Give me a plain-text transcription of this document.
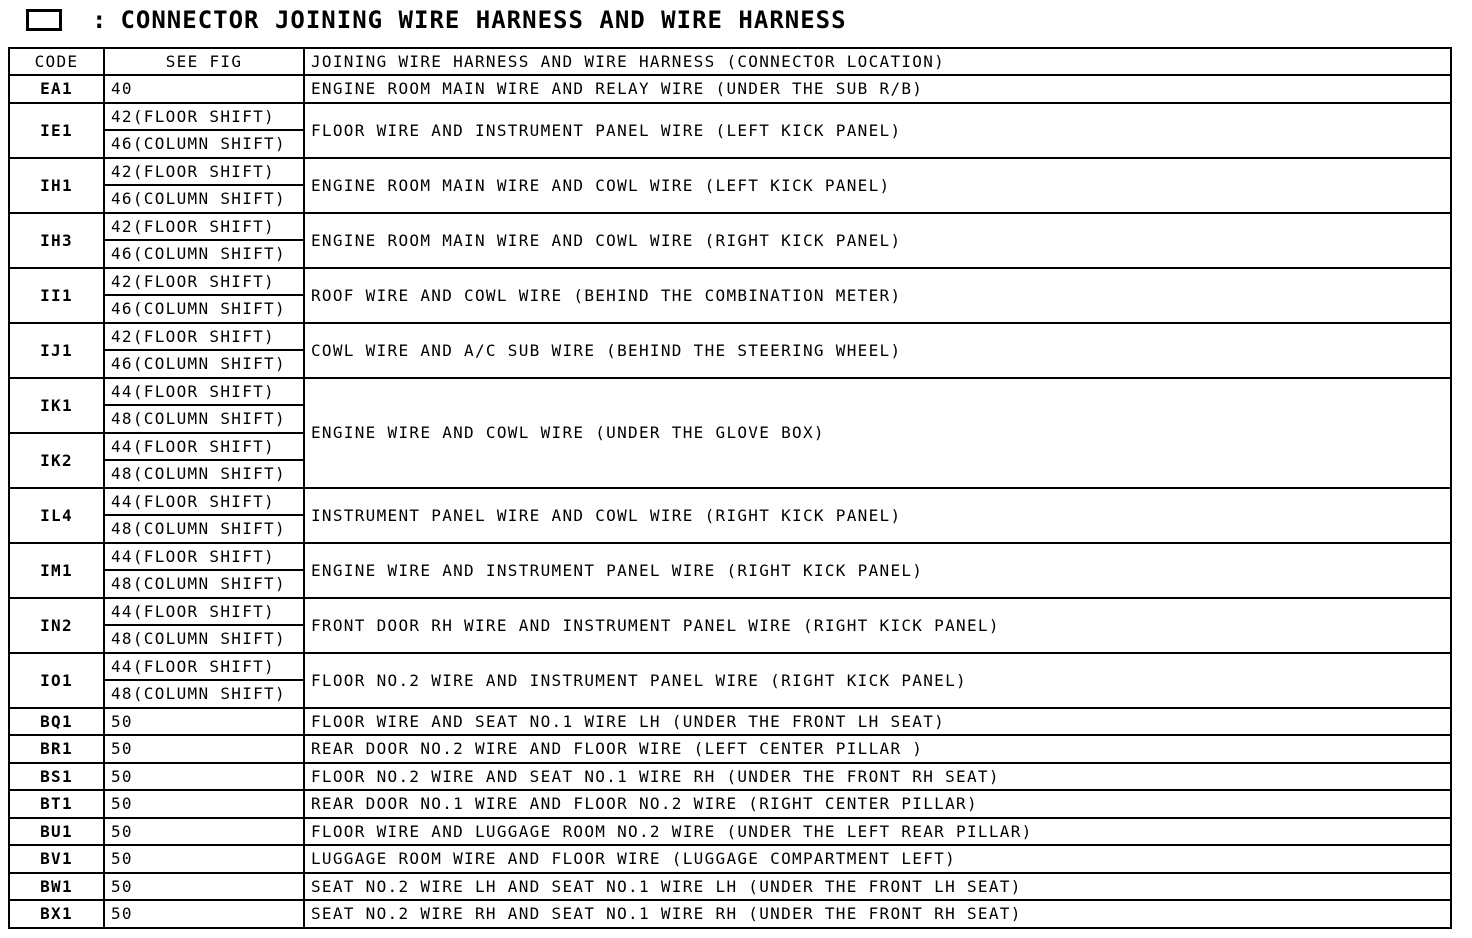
: CONNECTOR JOINING WIRE HARNESS AND WIRE HARNESS
CODE	SEE FIG	JOINING WIRE HARNESS AND WIRE HARNESS (CONNECTOR LOCATION)
EA1	40	ENGINE ROOM MAIN WIRE AND RELAY WIRE (UNDER THE SUB R/B)
IE1	42(FLOOR SHIFT)	FLOOR WIRE AND INSTRUMENT PANEL WIRE (LEFT KICK PANEL)
	46(COLUMN SHIFT)	
IH1	42(FLOOR SHIFT)	ENGINE ROOM MAIN WIRE AND COWL WIRE (LEFT KICK PANEL)
	46(COLUMN SHIFT)	
IH3	42(FLOOR SHIFT)	ENGINE ROOM MAIN WIRE AND COWL WIRE (RIGHT KICK PANEL)
	46(COLUMN SHIFT)	
II1	42(FLOOR SHIFT)	ROOF WIRE AND COWL WIRE (BEHIND THE COMBINATION METER)
	46(COLUMN SHIFT)	
IJ1	42(FLOOR SHIFT)	COWL WIRE AND A/C SUB WIRE (BEHIND THE STEERING WHEEL)
	46(COLUMN SHIFT)	
IK1	44(FLOOR SHIFT)	ENGINE WIRE AND COWL WIRE (UNDER THE GLOVE BOX)
	48(COLUMN SHIFT)	
IK2	44(FLOOR SHIFT)	
	48(COLUMN SHIFT)	
IL4	44(FLOOR SHIFT)	INSTRUMENT PANEL WIRE AND COWL WIRE (RIGHT KICK PANEL)
	48(COLUMN SHIFT)	
IM1	44(FLOOR SHIFT)	ENGINE WIRE AND INSTRUMENT PANEL WIRE (RIGHT KICK PANEL)
	48(COLUMN SHIFT)	
IN2	44(FLOOR SHIFT)	FRONT DOOR RH WIRE AND INSTRUMENT PANEL WIRE (RIGHT KICK PANEL)
	48(COLUMN SHIFT)	
IO1	44(FLOOR SHIFT)	FLOOR NO.2 WIRE AND INSTRUMENT PANEL WIRE (RIGHT KICK PANEL)
	48(COLUMN SHIFT)	
BQ1	50	FLOOR WIRE AND SEAT NO.1 WIRE LH (UNDER THE FRONT LH SEAT)
BR1	50	REAR DOOR NO.2 WIRE AND FLOOR WIRE (LEFT CENTER PILLAR )
BS1	50	FLOOR NO.2 WIRE AND SEAT NO.1 WIRE RH (UNDER THE FRONT RH SEAT)
BT1	50	REAR DOOR NO.1 WIRE AND FLOOR NO.2 WIRE (RIGHT CENTER PILLAR)
BU1	50	FLOOR WIRE AND LUGGAGE ROOM NO.2 WIRE (UNDER THE LEFT REAR PILLAR)
BV1	50	LUGGAGE ROOM WIRE AND FLOOR WIRE (LUGGAGE COMPARTMENT LEFT)
BW1	50	SEAT NO.2 WIRE LH AND SEAT NO.1 WIRE LH (UNDER THE FRONT LH SEAT)
BX1	50	SEAT NO.2 WIRE RH AND SEAT NO.1 WIRE RH (UNDER THE FRONT RH SEAT)
